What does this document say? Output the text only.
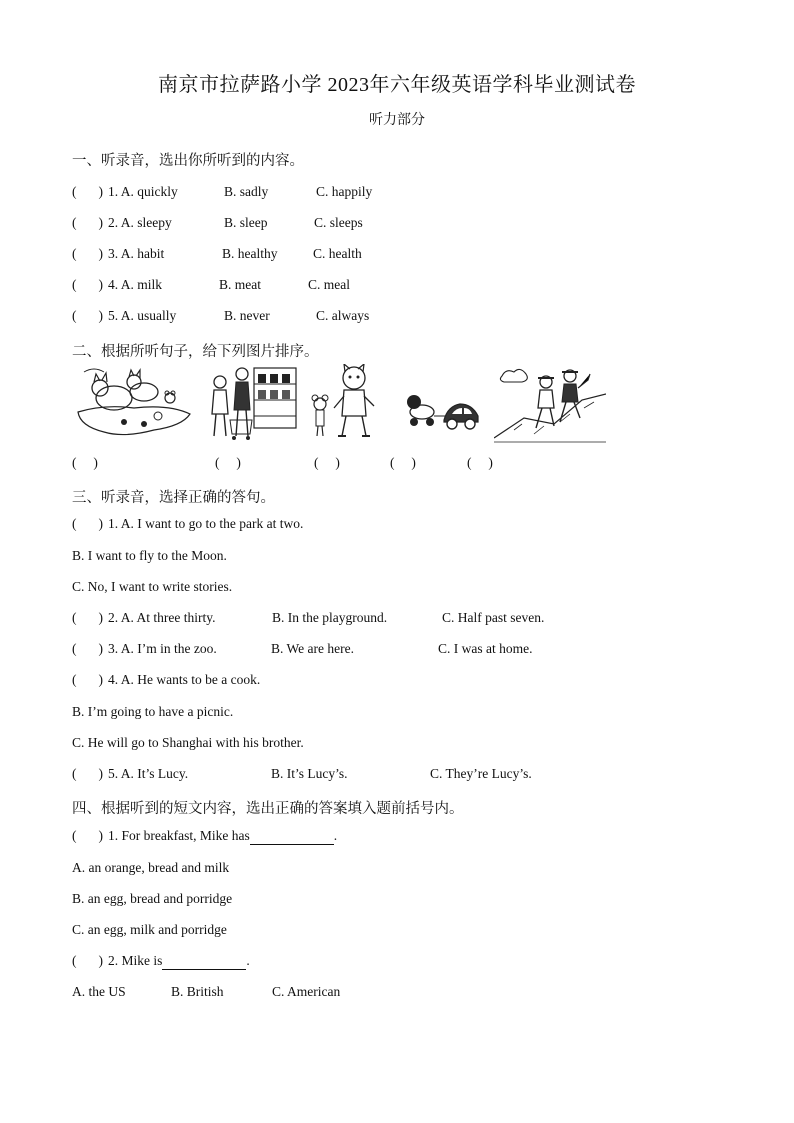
南京市拉萨路小学 2023年六年级英语学科毕业测试卷
听力部分
一、听录音，选出你所听到的内容。
( ) 1. A. quickly	B. sadly	C. happily
( ) 2. A. sleepy	B. sleep	C. sleeps
( ) 3. A. habit	B. healthy	C. health
( ) 4. A. milk	B. meat	C. meal
( ) 5. A. usually	B. never	C. always
二、根据所听句子，给下列图片排序。
(     )	(     )	(     )	(     )	(     )
三、听录音，选择正确的答句。
( ) 1. A. I want to go to the park at two.
B. I want to fly to the Moon.
C. No, I want to write stories.
( ) 2. A. At three thirty.	B. In the playground.	C. Half past seven.
( ) 3. A. I’m in the zoo.	B. We are here.	C. I was at home.
( ) 4. A. He wants to be a cook.
B. I’m going to have a picnic.
C. He will go to Shanghai with his brother.
( ) 5. A. It’s Lucy.	B. It’s Lucy’s.	C. They’re Lucy’s.
四、根据听到的短文内容，选出正确的答案填入题前括号内。
( ) 1. For breakfast, Mike has	.
A. an orange, bread and milk
B. an egg, bread and porridge
C. an egg, milk and porridge
( ) 2. Mike is	.
A. the US	B. British	C. American
